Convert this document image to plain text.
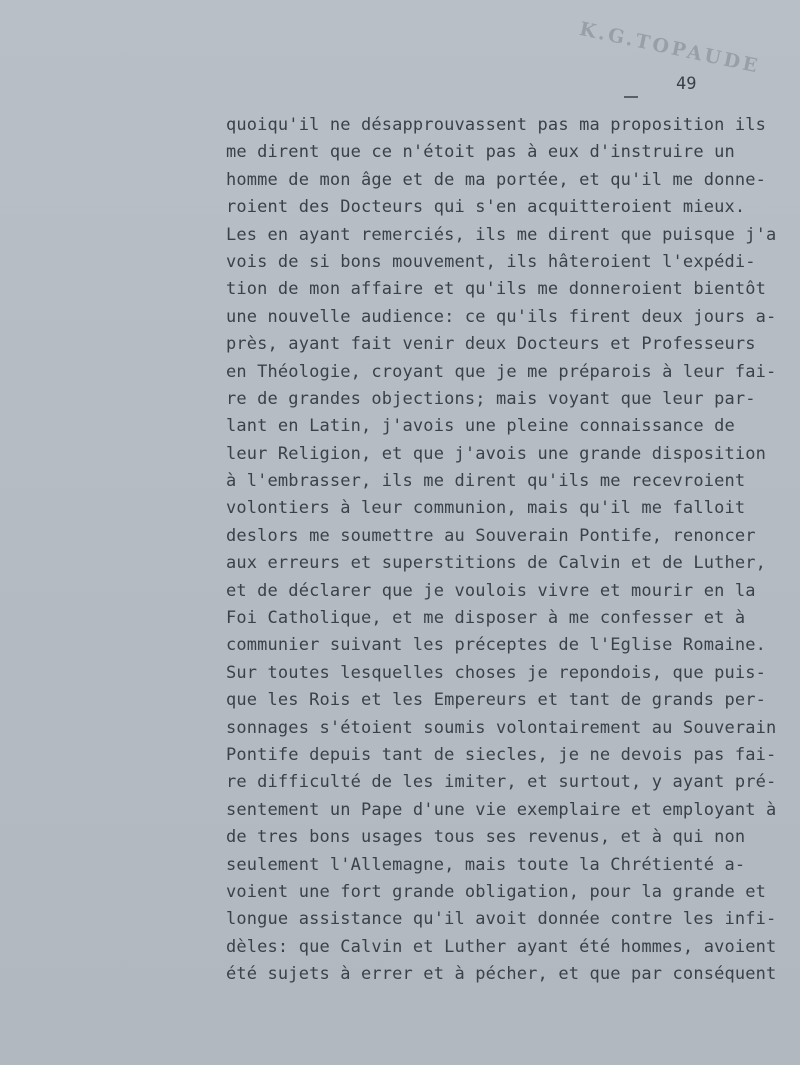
K.G.TOPAUDE
49
quoiqu'il ne désapprouvassent pas ma proposition ils
me dirent que ce n'étoit pas à eux d'instruire un
homme de mon âge et de ma portée, et qu'il me donne-
roient des Docteurs qui s'en acquitteroient mieux.
Les en ayant remerciés, ils me dirent que puisque j'a
vois de si bons mouvement, ils hâteroient l'expédi-
tion de mon affaire et qu'ils me donneroient bientôt
une nouvelle audience: ce qu'ils firent deux jours a-
près, ayant fait venir deux Docteurs et Professeurs
en Théologie, croyant que je me préparois à leur fai-
re de grandes objections; mais voyant que leur par-
lant en Latin, j'avois une pleine connaissance de
leur Religion, et que j'avois une grande disposition
à l'embrasser, ils me dirent qu'ils me recevroient
volontiers à leur communion, mais qu'il me falloit
deslors me soumettre au Souverain Pontife, renoncer
aux erreurs et superstitions de Calvin et de Luther,
et de déclarer que je voulois vivre et mourir en la
Foi Catholique, et me disposer à me confesser et à
communier suivant les préceptes de l'Eglise Romaine.
Sur toutes lesquelles choses je repondois, que puis-
que les Rois et les Empereurs et tant de grands per-
sonnages s'étoient soumis volontairement au Souverain
Pontife depuis tant de siecles, je ne devois pas fai-
re difficulté de les imiter, et surtout, y ayant pré-
sentement un Pape d'une vie exemplaire et employant à
de tres bons usages tous ses revenus, et à qui non
seulement l'Allemagne, mais toute la Chrétienté a-
voient une fort grande obligation, pour la grande et
longue assistance qu'il avoit donnée contre les infi-
dèles: que Calvin et Luther ayant été hommes, avoient
été sujets à errer et à pécher, et que par conséquent
